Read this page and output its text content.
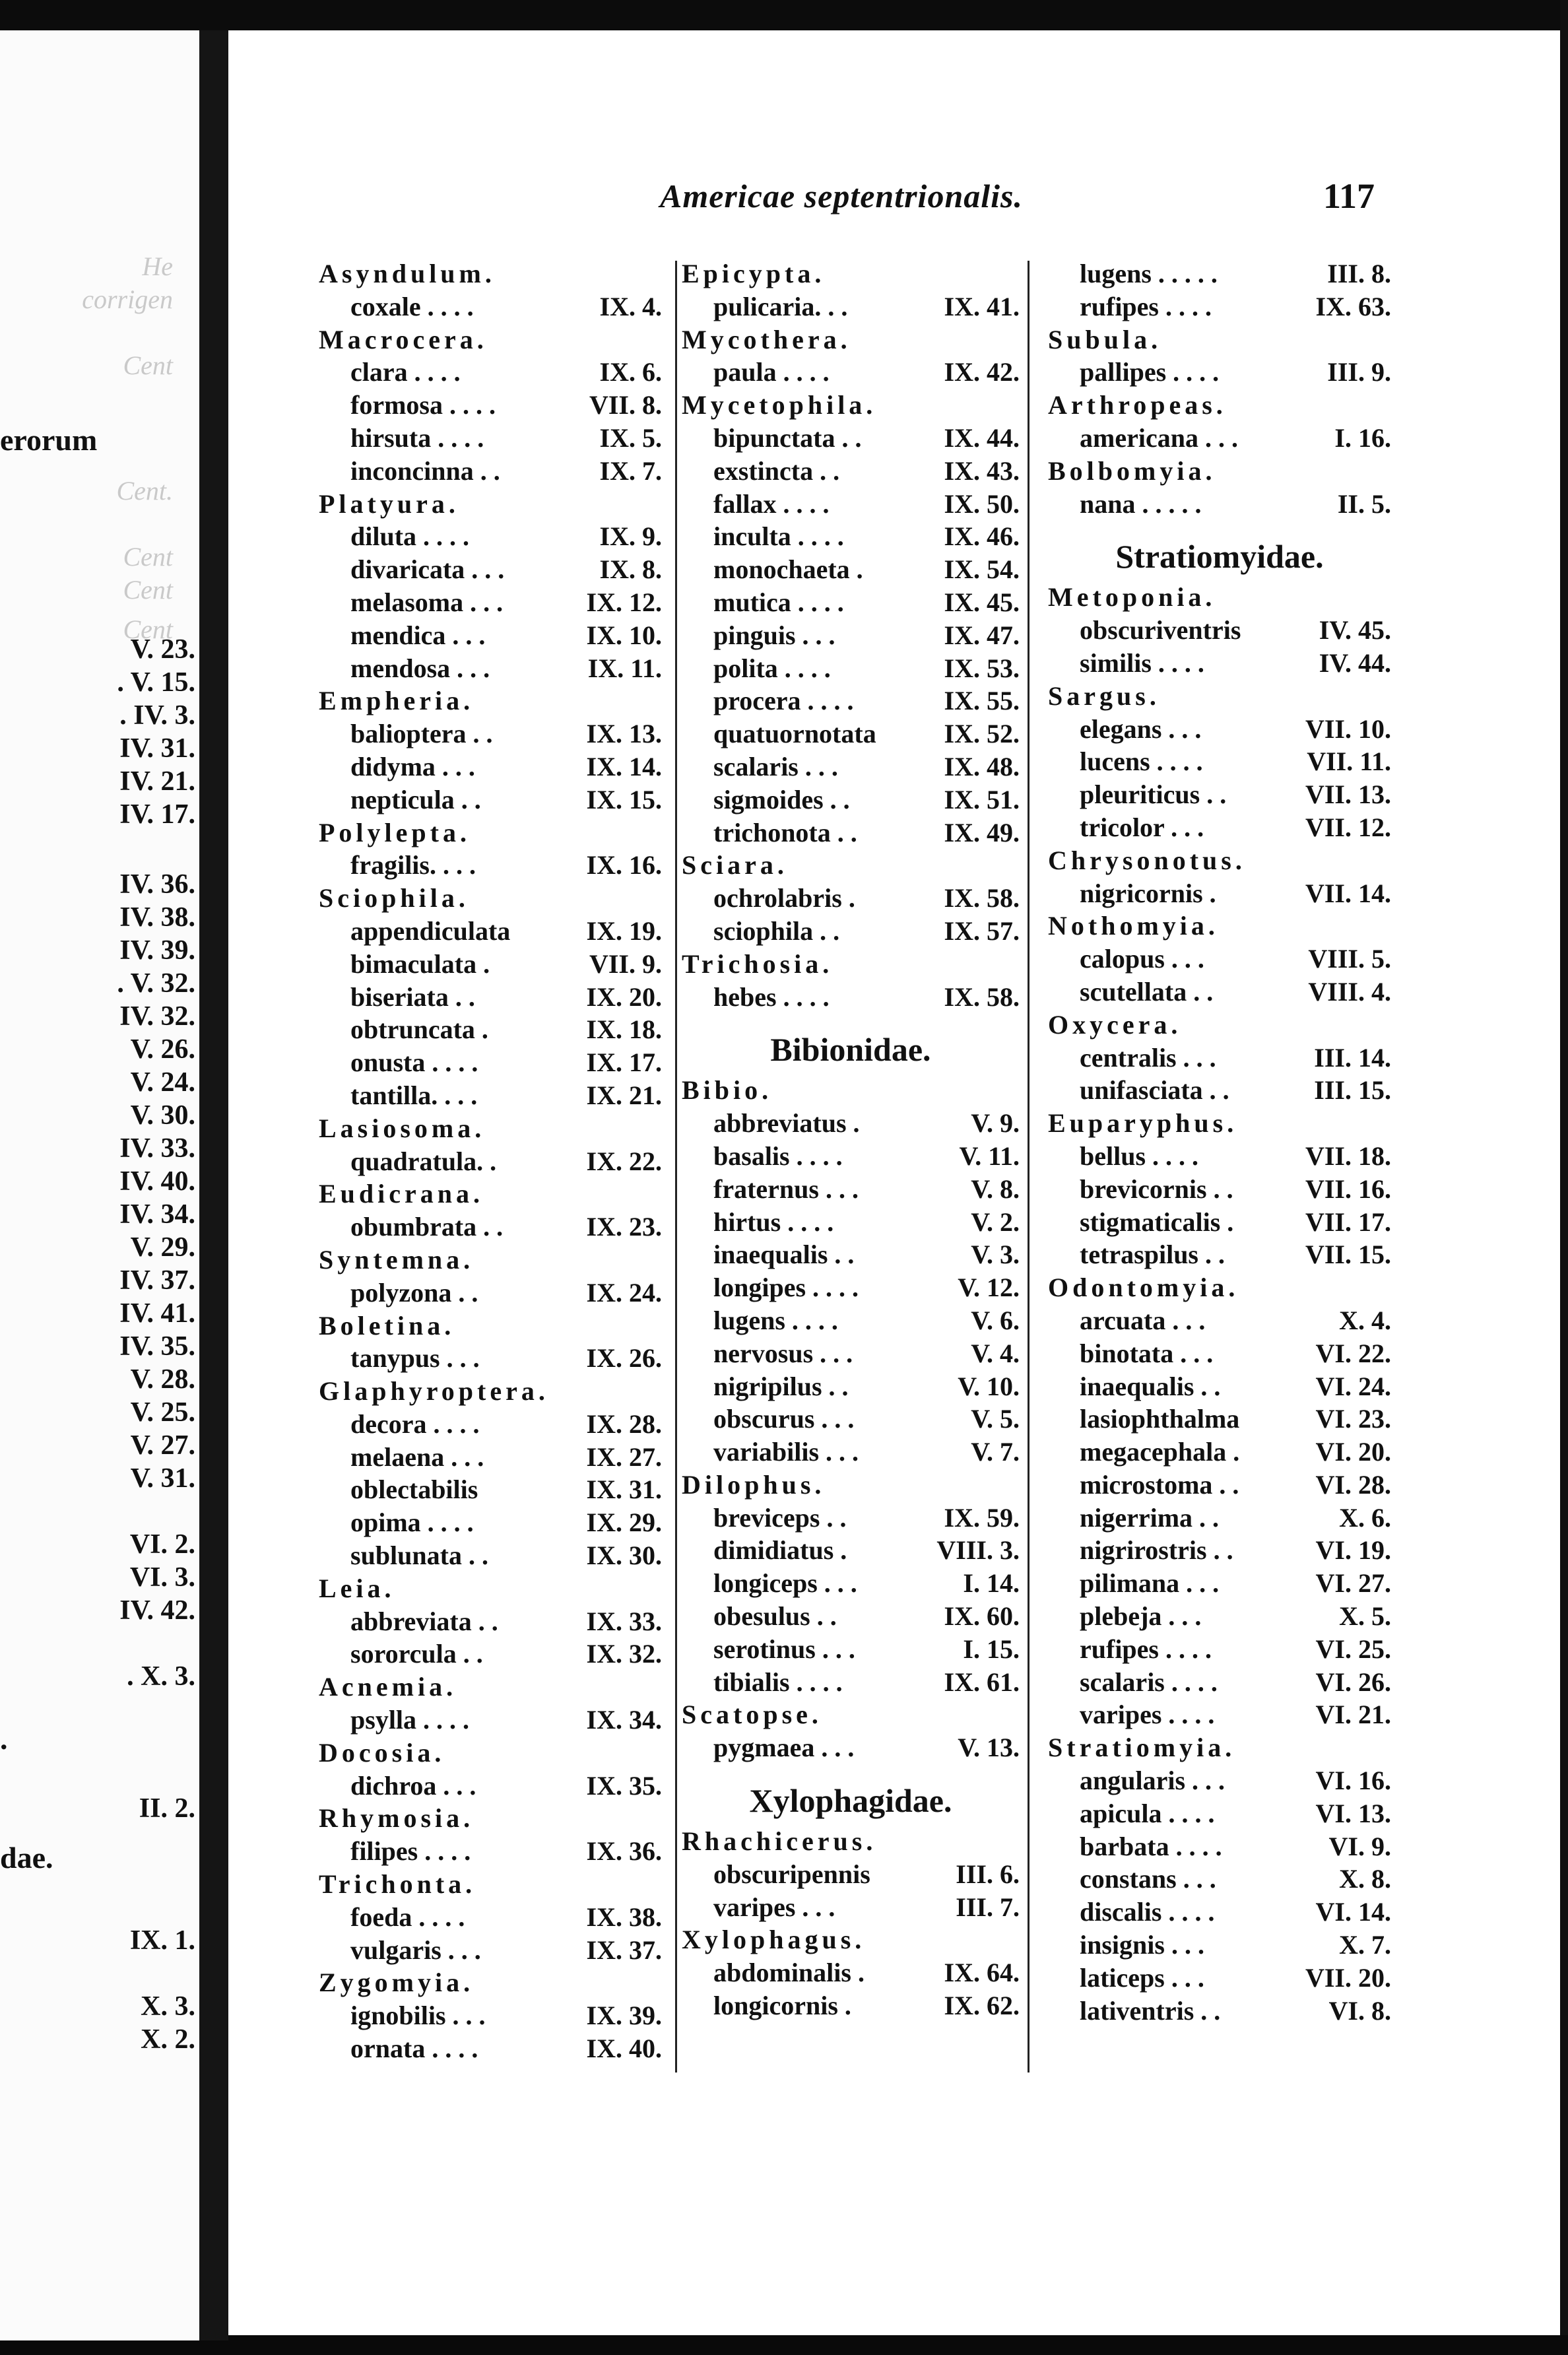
erorum
V. 23.
. V. 15.
. IV. 3.
IV. 31.
IV. 21.
IV. 17.
IV. 36.
IV. 38.
IV. 39.
. V. 32.
IV. 32.
V. 26.
V. 24.
V. 30.
IV. 33.
IV. 40.
IV. 34.
V. 29.
IV. 37.
IV. 41.
IV. 35.
V. 28.
V. 25.
V. 27.
V. 31.
VI. 2.
VI. 3.
IV. 42.
. X. 3.
.
II. 2.
dae.
IX. 1.
X. 3.
X. 2.
He
corrigen
Cent
Cent.
Cent
Cent
Cent
Americae septentrionalis.	117
Asyndulum.
coxale . . . .	IX. 4.
Macrocera.
clara . . . .	IX. 6.
formosa . . . .	VII. 8.
hirsuta . . . .	IX. 5.
inconcinna . .	IX. 7.
Platyura.
diluta . . . .	IX. 9.
divaricata . . .	IX. 8.
melasoma . . .	IX. 12.
mendica . . .	IX. 10.
mendosa . . .	IX. 11.
Empheria.
balioptera . .	IX. 13.
didyma . . .	IX. 14.
nepticula . .	IX. 15.
Polylepta.
fragilis. . . .	IX. 16.
Sciophila.
appendiculata	IX. 19.
bimaculata .	VII. 9.
biseriata . .	IX. 20.
obtruncata .	IX. 18.
onusta . . . .	IX. 17.
tantilla. . . .	IX. 21.
Lasiosoma.
quadratula. .	IX. 22.
Eudicrana.
obumbrata . .	IX. 23.
Syntemna.
polyzona . .	IX. 24.
Boletina.
tanypus . . .	IX. 26.
Glaphyroptera.
decora . . . .	IX. 28.
melaena . . .	IX. 27.
oblectabilis	IX. 31.
opima . . . .	IX. 29.
sublunata . .	IX. 30.
Leia.
abbreviata . .	IX. 33.
sororcula . .	IX. 32.
Acnemia.
psylla . . . .	IX. 34.
Docosia.
dichroa . . .	IX. 35.
Rhymosia.
filipes . . . .	IX. 36.
Trichonta.
foeda . . . .	IX. 38.
vulgaris . . .	IX. 37.
Zygomyia.
ignobilis . . .	IX. 39.
ornata . . . .	IX. 40.
Epicypta.
pulicaria. . .	IX. 41.
Mycothera.
paula . . . .	IX. 42.
Mycetophila.
bipunctata . .	IX. 44.
exstincta . .	IX. 43.
fallax . . . .	IX. 50.
inculta . . . .	IX. 46.
monochaeta .	IX. 54.
mutica . . . .	IX. 45.
pinguis . . .	IX. 47.
polita . . . .	IX. 53.
procera . . . .	IX. 55.
quatuornotata	IX. 52.
scalaris . . .	IX. 48.
sigmoides . .	IX. 51.
trichonota . .	IX. 49.
Sciara.
ochrolabris .	IX. 58.
sciophila . .	IX. 57.
Trichosia.
hebes . . . .	IX. 58.
Bibionidae.
Bibio.
abbreviatus .	V. 9.
basalis . . . .	V. 11.
fraternus . . .	V. 8.
hirtus . . . .	V. 2.
inaequalis . .	V. 3.
longipes . . . .	V. 12.
lugens . . . .	V. 6.
nervosus . . .	V. 4.
nigripilus . .	V. 10.
obscurus . . .	V. 5.
variabilis . . .	V. 7.
Dilophus.
breviceps . .	IX. 59.
dimidiatus .	VIII. 3.
longiceps . . .	I. 14.
obesulus . .	IX. 60.
serotinus . . .	I. 15.
tibialis . . . .	IX. 61.
Scatopse.
pygmaea . . .	V. 13.
Xylophagidae.
Rhachicerus.
obscuripennis	III. 6.
varipes . . .	III. 7.
Xylophagus.
abdominalis .	IX. 64.
longicornis .	IX. 62.
lugens . . . . .	III. 8.
rufipes . . . .	IX. 63.
Subula.
pallipes . . . .	III. 9.
Arthropeas.
americana . . .	I. 16.
Bolbomyia.
nana . . . . .	II. 5.
Stratiomyidae.
Metoponia.
obscuriventris	IV. 45.
similis . . . .	IV. 44.
Sargus.
elegans . . .	VII. 10.
lucens . . . .	VII. 11.
pleuriticus . .	VII. 13.
tricolor . . .	VII. 12.
Chrysonotus.
nigricornis .	VII. 14.
Nothomyia.
calopus . . .	VIII. 5.
scutellata . .	VIII. 4.
Oxycera.
centralis . . .	III. 14.
unifasciata . .	III. 15.
Euparyphus.
bellus . . . .	VII. 18.
brevicornis . .	VII. 16.
stigmaticalis .	VII. 17.
tetraspilus . .	VII. 15.
Odontomyia.
arcuata . . .	X. 4.
binotata . . .	VI. 22.
inaequalis . .	VI. 24.
lasiophthalma	VI. 23.
megacephala .	VI. 20.
microstoma . .	VI. 28.
nigerrima . .	X. 6.
nigrirostris . .	VI. 19.
pilimana . . .	VI. 27.
plebeja . . .	X. 5.
rufipes . . . .	VI. 25.
scalaris . . . .	VI. 26.
varipes . . . .	VI. 21.
Stratiomyia.
angularis . . .	VI. 16.
apicula . . . .	VI. 13.
barbata . . . .	VI. 9.
constans . . .	X. 8.
discalis . . . .	VI. 14.
insignis . . .	X. 7.
laticeps . . .	VII. 20.
lativentris . .	VI. 8.
